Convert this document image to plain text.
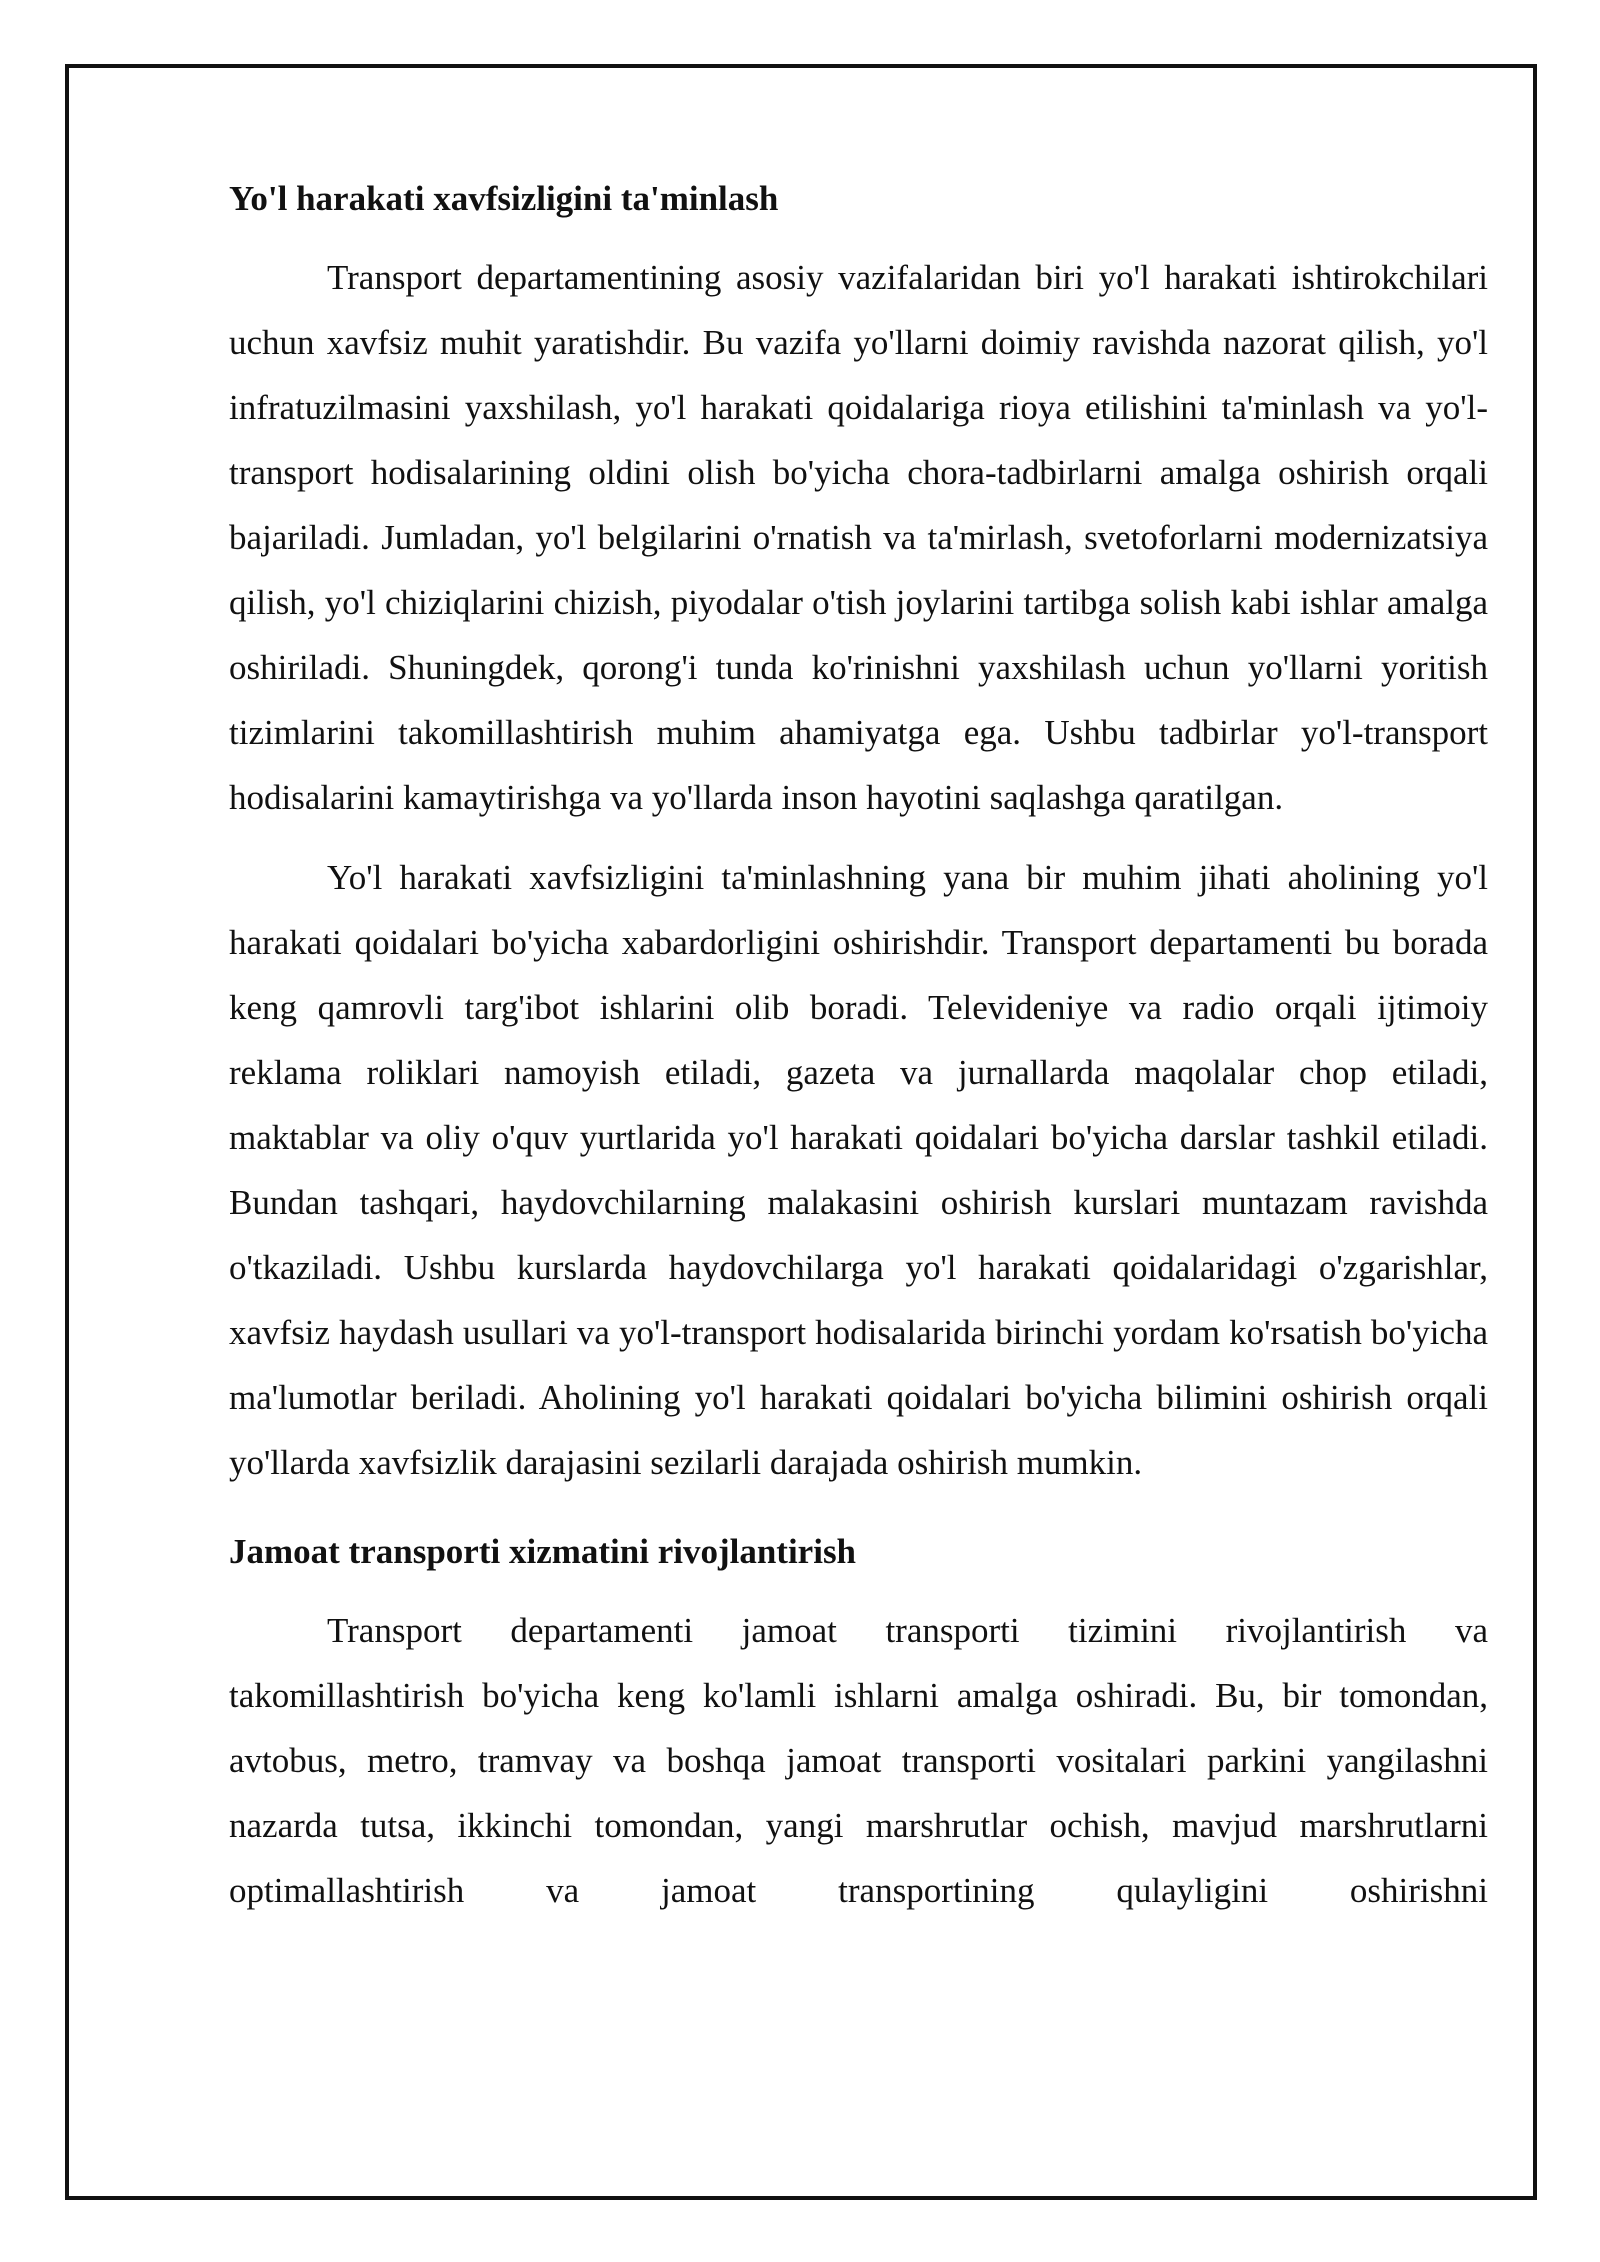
Yo'l harakati xavfsizligini ta'minlash

Transport departamentining asosiy vazifalaridan biri yo'l harakati ishtirokchilari uchun xavfsiz muhit yaratishdir. Bu vazifa yo'llarni doimiy ravishda nazorat qilish, yo'l infratuzilmasini yaxshilash, yo'l harakati qoidalariga rioya etilishini ta'minlash va yo'l-transport hodisalarining oldini olish bo'yicha chora-tadbirlarni amalga oshirish orqali bajariladi. Jumladan, yo'l belgilarini o'rnatish va ta'mirlash, svetoforlarni modernizatsiya qilish, yo'l chiziqlarini chizish, piyodalar o'tish joylarini tartibga solish kabi ishlar amalga oshiriladi. Shuningdek, qorong'i tunda ko'rinishni yaxshilash uchun yo'llarni yoritish tizimlarini takomillashtirish muhim ahamiyatga ega. Ushbu tadbirlar yo'l-transport hodisalarini kamaytirishga va yo'llarda inson hayotini saqlashga qaratilgan.

Yo'l harakati xavfsizligini ta'minlashning yana bir muhim jihati aholining yo'l harakati qoidalari bo'yicha xabardorligini oshirishdir. Transport departamenti bu borada keng qamrovli targ'ibot ishlarini olib boradi. Televideniye va radio orqali ijtimoiy reklama roliklari namoyish etiladi, gazeta va jurnallarda maqolalar chop etiladi, maktablar va oliy o'quv yurtlarida yo'l harakati qoidalari bo'yicha darslar tashkil etiladi. Bundan tashqari, haydovchilarning malakasini oshirish kurslari muntazam ravishda o'tkaziladi. Ushbu kurslarda haydovchilarga yo'l harakati qoidalaridagi o'zgarishlar, xavfsiz haydash usullari va yo'l-transport hodisalarida birinchi yordam ko'rsatish bo'yicha ma'lumotlar beriladi. Aholining yo'l harakati qoidalari bo'yicha bilimini oshirish orqali yo'llarda xavfsizlik darajasini sezilarli darajada oshirish mumkin.

Jamoat transporti xizmatini rivojlantirish

Transport departamenti jamoat transporti tizimini rivojlantirish va takomillashtirish bo'yicha keng ko'lamli ishlarni amalga oshiradi. Bu, bir tomondan, avtobus, metro, tramvay va boshqa jamoat transporti vositalari parkini yangilashni nazarda tutsa, ikkinchi tomondan, yangi marshrutlar ochish, mavjud marshrutlarni optimallashtirish va jamoat transportining qulayligini oshirishni
